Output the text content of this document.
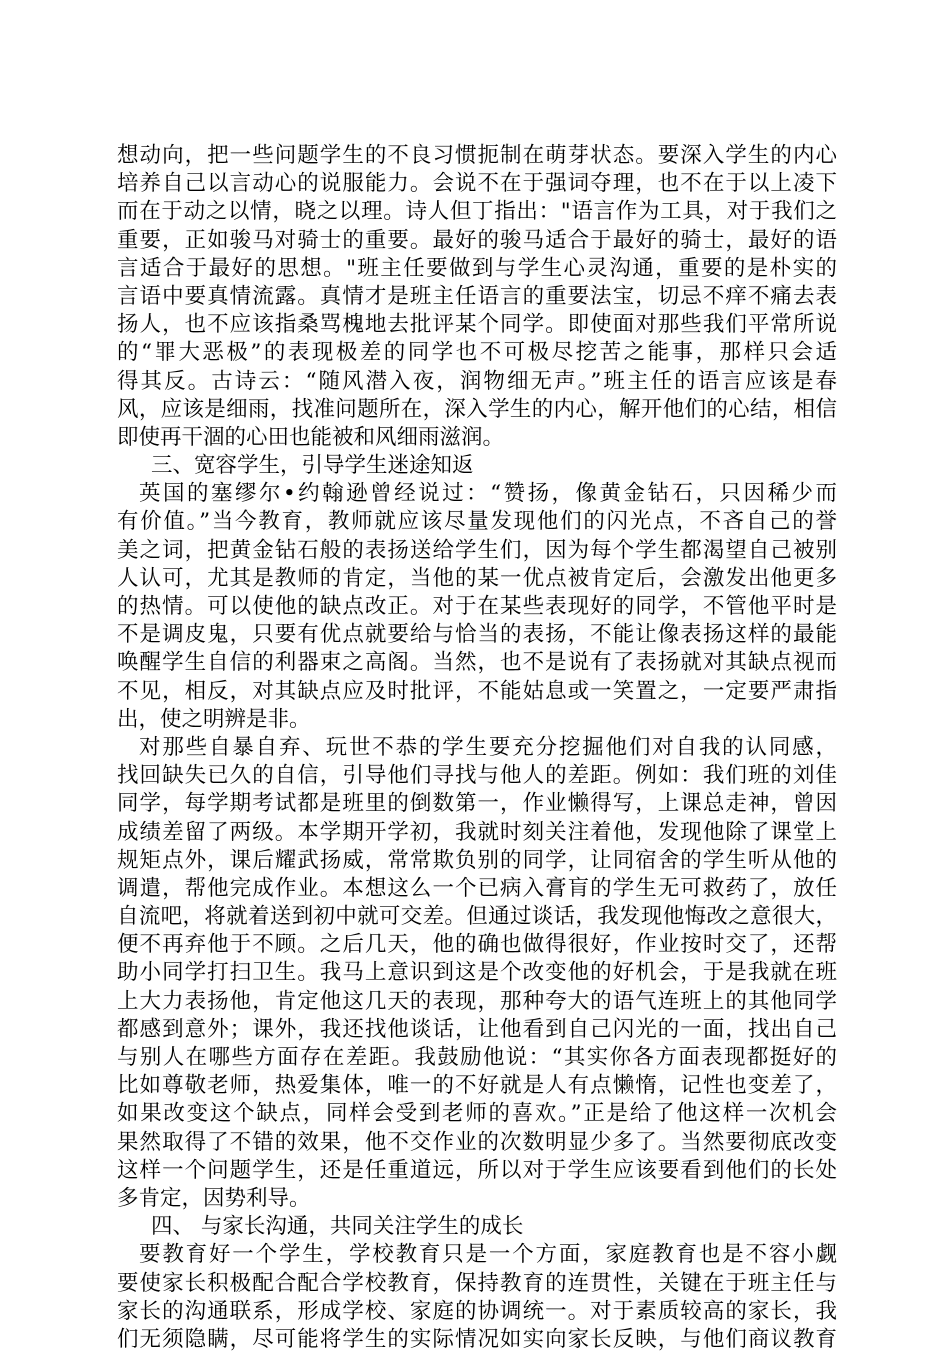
想动向，把一些问题学生的不良习惯扼制在萌芽状态。要深入学生的内心
培养自己以言动心的说服能力。会说不在于强词夺理，也不在于以上凌下
而在于动之以情，晓之以理。诗人但丁指出："语言作为工具，对于我们之
重要，正如骏马对骑士的重要。最好的骏马适合于最好的骑士，最好的语
言适合于最好的思想。"班主任要做到与学生心灵沟通，重要的是朴实的
言语中要真情流露。真情才是班主任语言的重要法宝，切忌不痒不痛去表
扬人，也不应该指桑骂槐地去批评某个同学。即使面对那些我们平常所说
的“罪大恶极”的表现极差的同学也不可极尽挖苦之能事，那样只会适
得其反。古诗云：“随风潜入夜，润物细无声。”班主任的语言应该是春
风，应该是细雨，找准问题所在，深入学生的内心，解开他们的心结，相信
即使再干涸的心田也能被和风细雨滋润。
三、宽容学生，引导学生迷途知返
英国的塞缪尔•约翰逊曾经说过：“赞扬，像黄金钻石，只因稀少而
有价值。”当今教育，教师就应该尽量发现他们的闪光点，不吝自己的誉
美之词，把黄金钻石般的表扬送给学生们，因为每个学生都渴望自己被别
人认可，尤其是教师的肯定，当他的某一优点被肯定后，会激发出他更多
的热情。可以使他的缺点改正。对于在某些表现好的同学，不管他平时是
不是调皮鬼，只要有优点就要给与恰当的表扬，不能让像表扬这样的最能
唤醒学生自信的利器束之高阁。当然，也不是说有了表扬就对其缺点视而
不见，相反，对其缺点应及时批评，不能姑息或一笑置之，一定要严肃指
出，使之明辨是非。
对那些自暴自弃、玩世不恭的学生要充分挖掘他们对自我的认同感，
找回缺失已久的自信，引导他们寻找与他人的差距。例如：我们班的刘佳
同学，每学期考试都是班里的倒数第一，作业懒得写，上课总走神，曾因
成绩差留了两级。本学期开学初，我就时刻关注着他，发现他除了课堂上
规矩点外，课后耀武扬威，常常欺负别的同学，让同宿舍的学生听从他的
调遣，帮他完成作业。本想这么一个已病入膏肓的学生无可救药了，放任
自流吧，将就着送到初中就可交差。但通过谈话，我发现他悔改之意很大，
便不再弃他于不顾。之后几天，他的确也做得很好，作业按时交了，还帮
助小同学打扫卫生。我马上意识到这是个改变他的好机会，于是我就在班
上大力表扬他，肯定他这几天的表现，那种夸大的语气连班上的其他同学
都感到意外；课外，我还找他谈话，让他看到自己闪光的一面，找出自己
与别人在哪些方面存在差距。我鼓励他说：“其实你各方面表现都挺好的
比如尊敬老师，热爱集体，唯一的不好就是人有点懒惰，记性也变差了，
如果改变这个缺点，同样会受到老师的喜欢。”正是给了他这样一次机会
果然取得了不错的效果，他不交作业的次数明显少多了。当然要彻底改变
这样一个问题学生，还是任重道远，所以对于学生应该要看到他们的长处
多肯定，因势利导。
四、 与家长沟通，共同关注学生的成长
要教育好一个学生，学校教育只是一个方面，家庭教育也是不容小觑
要使家长积极配合配合学校教育，保持教育的连贯性，关键在于班主任与
家长的沟通联系，形成学校、家庭的协调统一。对于素质较高的家长，我
们无须隐瞒，尽可能将学生的实际情况如实向家长反映，与他们商议教育
